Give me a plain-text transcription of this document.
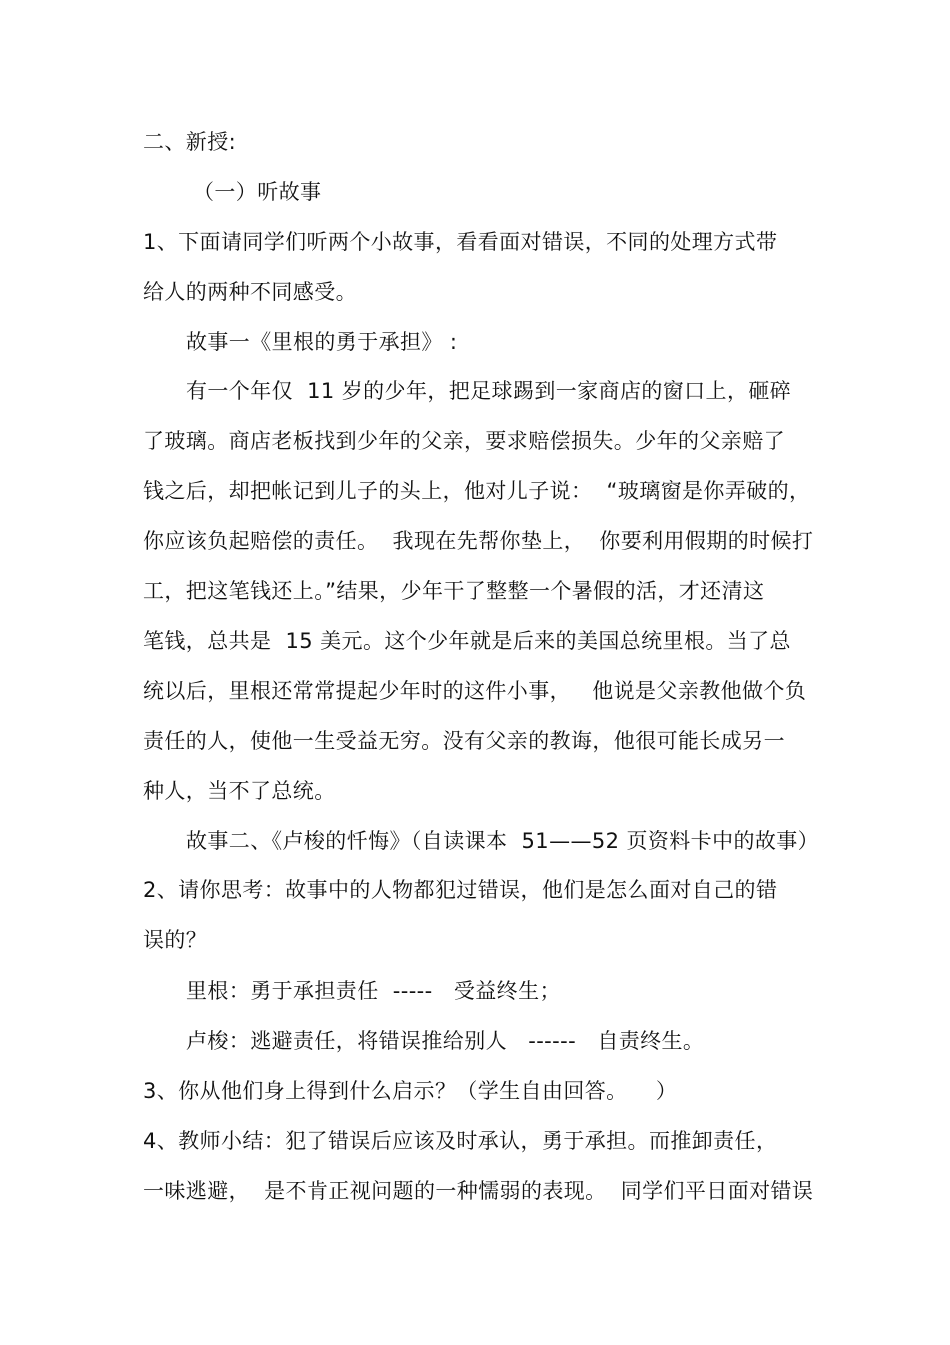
二、新授:
（一）听故事
1、下面请同学们听两个小故事，看看面对错误，不同的处理方式带
给人的两种不同感受。
故事一《里根的勇于承担》 :
有一个年仅  11 岁的少年，把足球踢到一家商店的窗口上，砸碎
了玻璃。商店老板找到少年的父亲，要求赔偿损失。少年的父亲赔了
钱之后，却把帐记到儿子的头上，他对儿子说：  “玻璃窗是你弄破的，
你应该负起赔偿的责任。  我现在先帮你垫上，  你要利用假期的时候打
工，把这笔钱还上。”结果，少年干了整整一个暑假的活，才还清这
笔钱，总共是  15 美元。这个少年就是后来的美国总统里根。当了总
统以后，里根还常常提起少年时的这件小事，   他说是父亲教他做个负
责任的人，使他一生受益无穷。没有父亲的教诲，他很可能长成另一
种人，当不了总统。
故事二、《卢梭的忏悔》（自读课本  51——52 页资料卡中的故事）
2、请你思考：故事中的人物都犯过错误，他们是怎么面对自己的错
误的？
里根：勇于承担责任  -----   受益终生；
卢梭：逃避责任，将错误推给别人   ------   自责终生。
3、你从他们身上得到什么启示？（学生自由回答。    ）
4、教师小结：犯了错误后应该及时承认，勇于承担。而推卸责任，
一味逃避，  是不肯正视问题的一种懦弱的表现。  同学们平日面对错误
